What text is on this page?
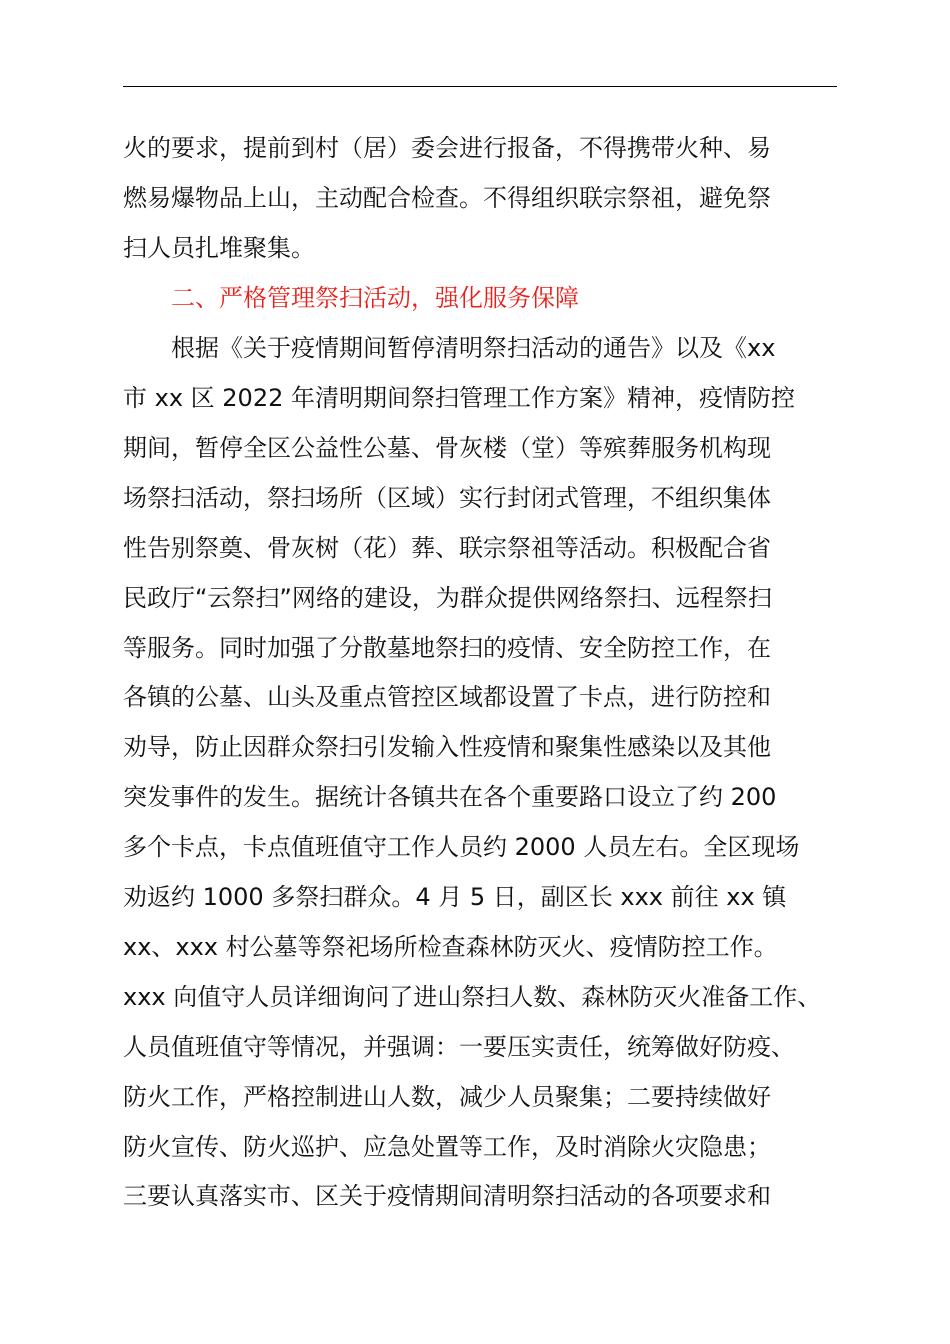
火的要求，提前到村（居）委会进行报备，不得携带火种、易
燃易爆物品上山，主动配合检查。不得组织联宗祭祖，避免祭
扫人员扎堆聚集。
二、严格管理祭扫活动，强化服务保障
根据《关于疫情期间暂停清明祭扫活动的通告》以及《xx
市 xx 区 2022 年清明期间祭扫管理工作方案》精神，疫情防控
期间，暂停全区公益性公墓、骨灰楼（堂）等殡葬服务机构现
场祭扫活动，祭扫场所（区域）实行封闭式管理，不组织集体
性告别祭奠、骨灰树（花）葬、联宗祭祖等活动。积极配合省
民政厅“云祭扫”网络的建设，为群众提供网络祭扫、远程祭扫
等服务。同时加强了分散墓地祭扫的疫情、安全防控工作，在
各镇的公墓、山头及重点管控区域都设置了卡点，进行防控和
劝导，防止因群众祭扫引发输入性疫情和聚集性感染以及其他
突发事件的发生。据统计各镇共在各个重要路口设立了约 200
多个卡点，卡点值班值守工作人员约 2000 人员左右。全区现场
劝返约 1000 多祭扫群众。4 月 5 日，副区长 xxx 前往 xx 镇
xx、xxx 村公墓等祭祀场所检查森林防灭火、疫情防控工作。
xxx 向值守人员详细询问了进山祭扫人数、森林防灭火准备工作、
人员值班值守等情况，并强调：一要压实责任，统筹做好防疫、
防火工作，严格控制进山人数，减少人员聚集；二要持续做好
防火宣传、防火巡护、应急处置等工作，及时消除火灾隐患；
三要认真落实市、区关于疫情期间清明祭扫活动的各项要求和
